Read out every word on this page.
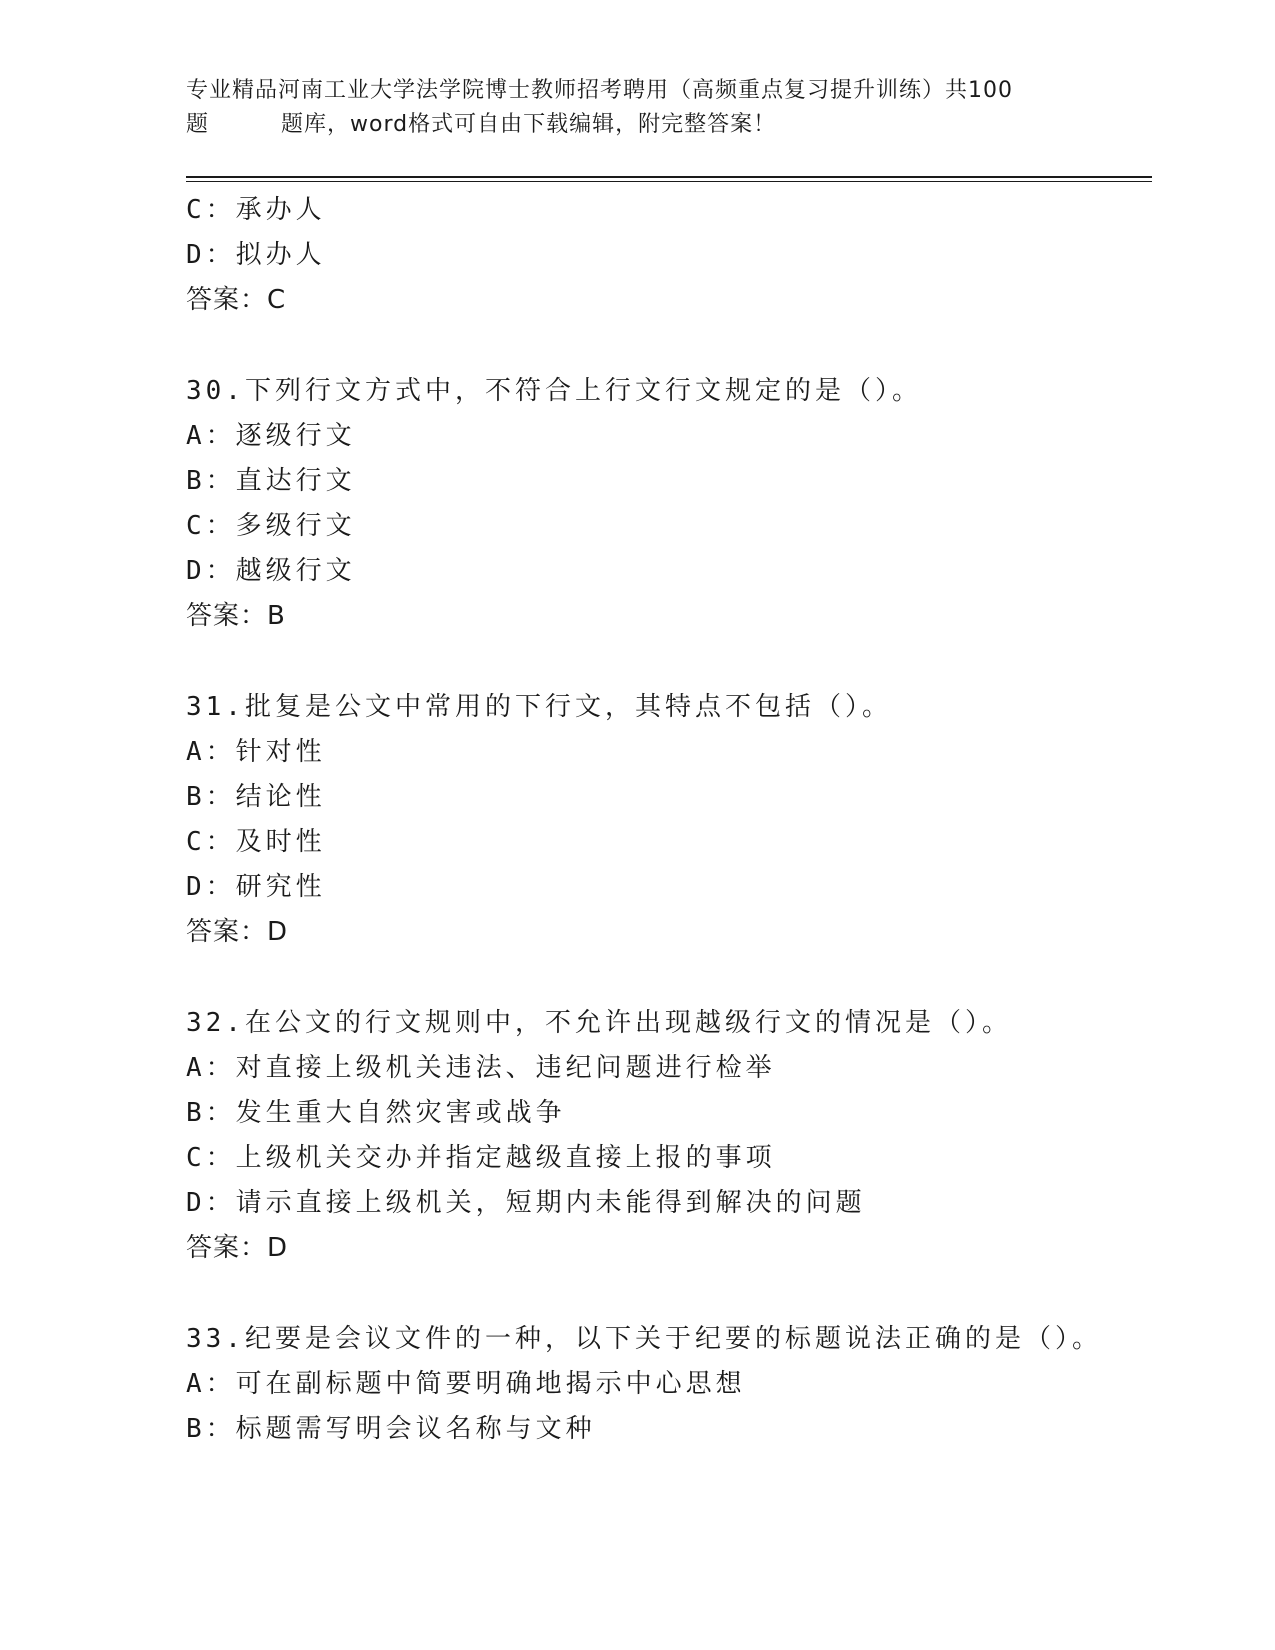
专业精品河南工业大学法学院博士教师招考聘用（高频重点复习提升训练）共100
题	题库，word格式可自由下载编辑，附完整答案！
C：承办人
D：拟办人
答案：C
30.下列行文方式中，不符合上行文行文规定的是（）。
A：逐级行文
B：直达行文
C：多级行文
D：越级行文
答案：B
31.批复是公文中常用的下行文，其特点不包括（）。
A：针对性
B：结论性
C：及时性
D：研究性
答案：D
32.在公文的行文规则中，不允许出现越级行文的情况是（）。
A：对直接上级机关违法、违纪问题进行检举
B：发生重大自然灾害或战争
C：上级机关交办并指定越级直接上报的事项
D：请示直接上级机关，短期内未能得到解决的问题
答案：D
33.纪要是会议文件的一种，以下关于纪要的标题说法正确的是（）。
A：可在副标题中简要明确地揭示中心思想
B：标题需写明会议名称与文种
